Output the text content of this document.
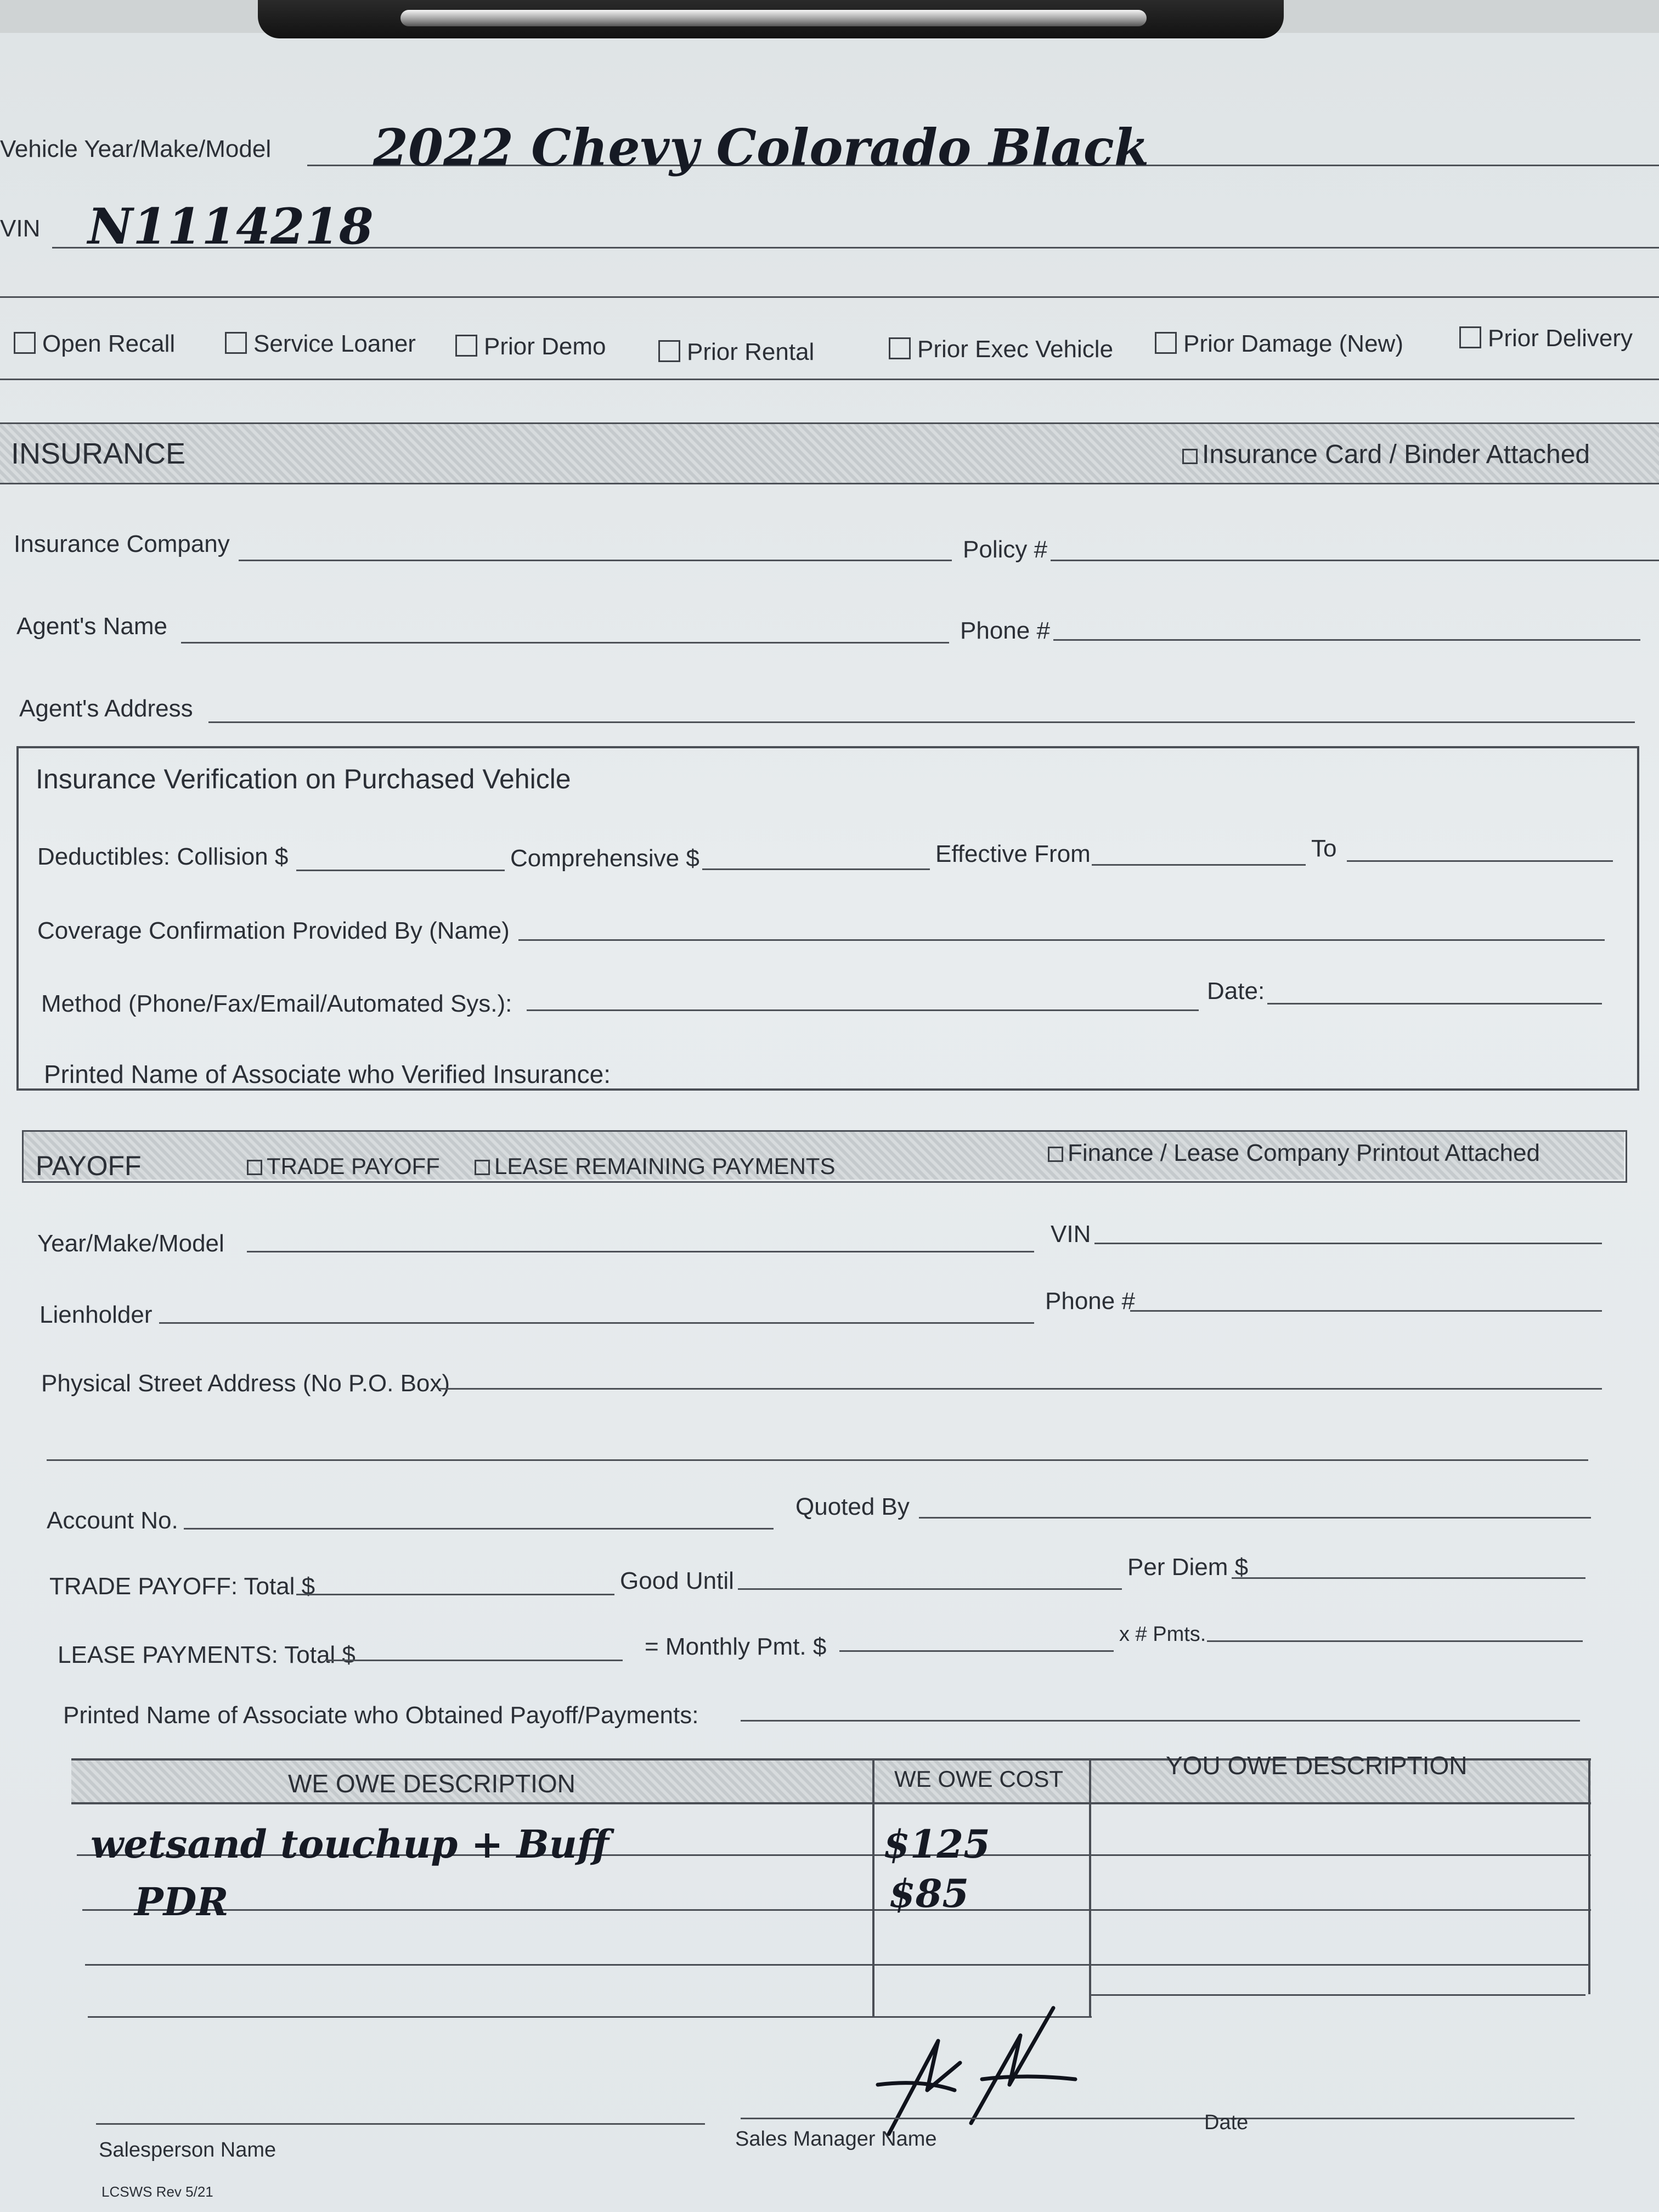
Vehicle Year/Make/Model 2022 Chevy Colorado Black
VIN N1114218
Open Recall	Service Loaner	Prior Demo	Prior Rental	Prior Exec Vehicle	Prior Damage (New)	Prior Delivery
INSURANCE	Insurance Card / Binder Attached
Insurance Company	Policy #
Agent's Name	Phone #
Agent's Address
Insurance Verification on Purchased Vehicle
Deductibles: Collision $	Comprehensive $	Effective From	To
Coverage Confirmation Provided By (Name)
Method (Phone/Fax/Email/Automated Sys.):	Date:
Printed Name of Associate who Verified Insurance:
PAYOFF	TRADE PAYOFF	LEASE REMAINING PAYMENTS	Finance / Lease Company Printout Attached
Year/Make/Model	VIN
Lienholder
Phone #
Physical Street Address (No P.O. Box)
Account No.
Quoted By
TRADE PAYOFF: Total $	Good Until
Per Diem $
LEASE PAYMENTS: Total $	= Monthly Pmt. $	x # Pmts.
Printed Name of Associate who Obtained Payoff/Payments:
WE OWE DESCRIPTION	WE OWE COST	YOU OWE DESCRIPTION
wetsand touchup + Buff	$125
PDR	$85
Salesperson Name	Sales Manager Name
Date
LCSWS Rev 5/21
